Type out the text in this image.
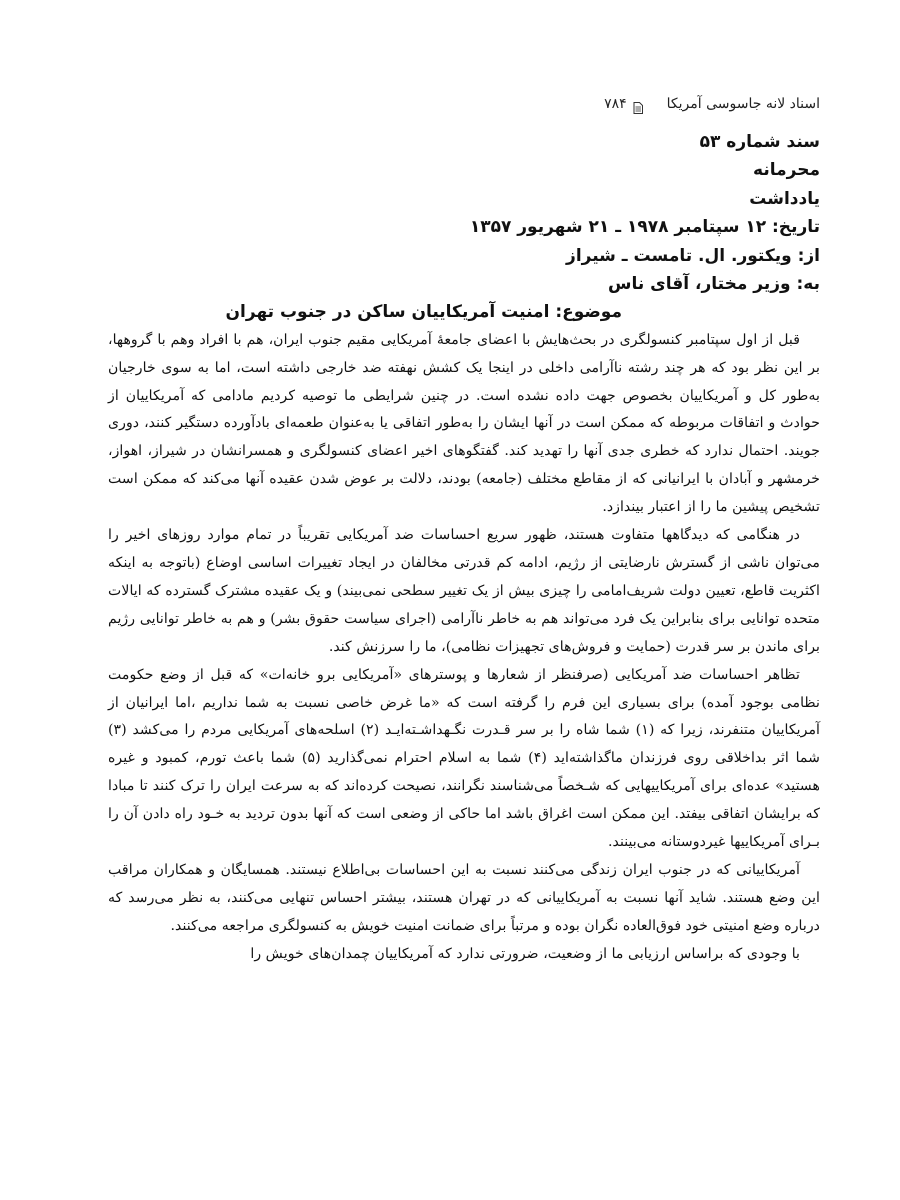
اسناد لانه جاسوسی آمریکا
۷۸۴
سند شماره ۵۳
محرمانه
یادداشت
تاریخ: ۱۲ سپتامبر ۱۹۷۸ ـ ۲۱ شهریور ۱۳۵۷
از: ویکتور. ال. تامست ـ شیراز
به: وزیر مختار، آقای ناس
موضوع: امنیت آمریکاییان ساکن در جنوب تهران

قبل از اول سپتامبر کنسولگری در بحث‌هایش با اعضای جامعهٔ آمریکایی مقیم جنوب ایران، هم با افراد وهم با گروهها، بر این نظر بود که هر چند رشته ناآرامی داخلی در اینجا یک کشش نهفته ضد خارجی داشته است، اما به سوی خارجیان به‌طور کل و آمریکاییان بخصوص جهت داده نشده است. در چنین شرایطی ما توصیه کردیم مادامی که آمریکاییان از حوادث و اتفاقات مربوطه که ممکن است در آنها ایشان را به‌طور اتفاقی یا به‌عنوان طعمه‌ای بادآورده دستگیر کنند، دوری جویند. احتمال ندارد که خطری جدی آنها را تهدید کند. گفتگوهای اخیر اعضای کنسولگری و همسرانشان در شیراز، اهواز، خرمشهر و آبادان با ایرانیانی که از مقاطع مختلف (جامعه) بودند، دلالت بر عوض شدن عقیده آنها می‌کند که ممکن است تشخیص پیشین ما را از اعتبار بیندازد.

در هنگامی که دیدگاهها متفاوت هستند، ظهور سریع احساسات ضد آمریکایی تقریباً در تمام موارد روزهای اخیر را می‌توان ناشی از گسترش نارضایتی از رژیم، ادامه کم قدرتی مخالفان در ایجاد تغییرات اساسی اوضاع (باتوجه به اینکه اکثریت قاطع، تعیین دولت شریف‌امامی را چیزی بیش از یک تغییر سطحی نمی‌بیند) و یک عقیده مشترک گسترده که ایالات متحده توانایی برای بنابراین یک فرد می‌تواند هم به خاطر ناآرامی (اجرای سیاست حقوق بشر) و هم به خاطر توانایی رژیم برای ماندن بر سر قدرت (حمایت و فروش‌های تجهیزات نظامی)، ما را سرزنش کند.

تظاهر احساسات ضد آمریکایی (صرفنظر از شعارها و پوسترهای «آمریکایی برو خانه‌ات» که قبل از وضع حکومت نظامی بوجود آمده) برای بسیاری این فرم را گرفته است که «ما غرض خاصی نسبت به شما نداریم ،اما ایرانیان از آمریکاییان متنفرند، زیرا که (۱) شما شاه را بر سر قـدرت نگـهداشـته‌ایـد (۲) اسلحه‌های آمریکایی مردم را می‌کشد (۳) شما اثر بداخلاقی روی فرزندان ماگذاشته‌اید (۴) شما به اسلام احترام نمی‌گذارید (۵) شما باعث تورم، کمبود و غیره هستید» عده‌ای برای آمریکاییهایی که شـخصاً می‌شناسند نگرانند، نصیحت کرده‌اند که به سرعت ایران را ترک کنند تا مبادا که برایشان اتفاقی بیفتد. این ممکن است اغراق باشد اما حاکی از وضعی است که آنها بدون تردید به خـود راه دادن آن را بـرای آمریکاییها غیردوستانه می‌بینند.

آمریکاییانی که در جنوب ایران زندگی می‌کنند نسبت به این احساسات بی‌اطلاع نیستند. همسایگان و همکاران مراقب این وضع هستند. شاید آنها نسبت به آمریکاییانی که در تهران هستند، بیشتر احساس تنهایی می‌کنند، به نظر می‌رسد که درباره وضع امنیتی خود فوق‌العاده نگران بوده و مرتباً برای ضمانت امنیت خویش به کنسولگری مراجعه می‌کنند.

با وجودی که براساس ارزیابی ما از وضعیت، ضرورتی ندارد که آمریکاییان چمدان‌های خویش را
